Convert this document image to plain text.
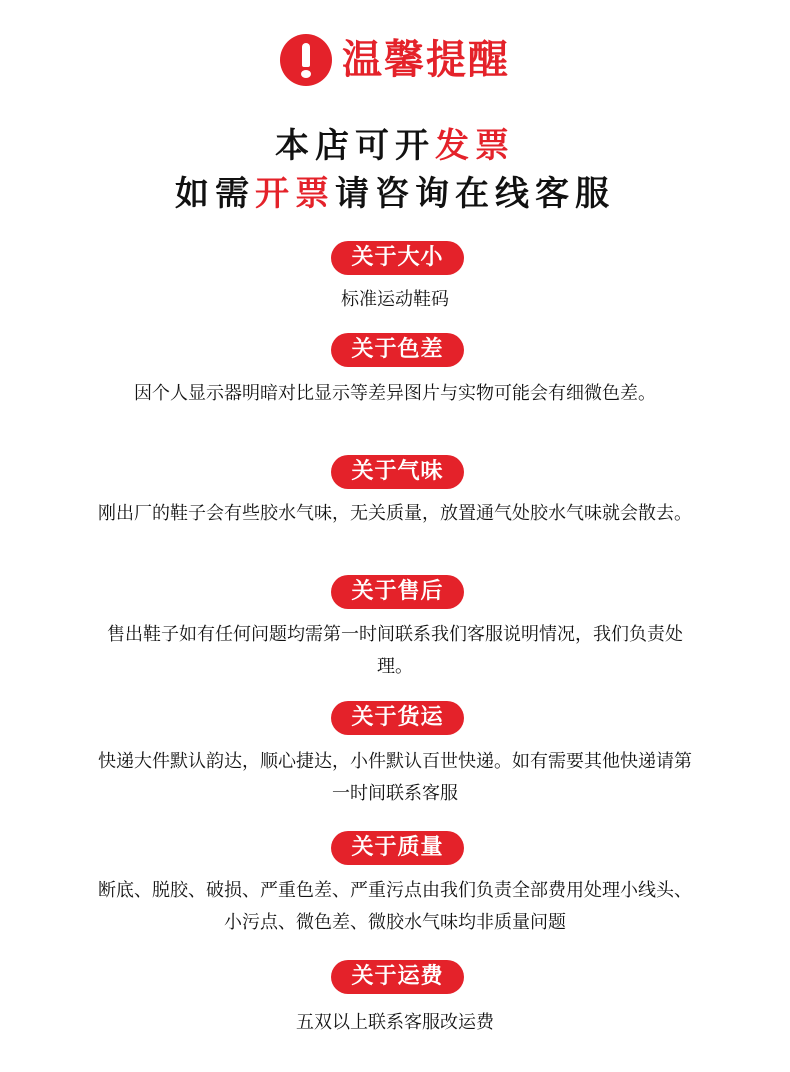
温馨提醒
本店可开发票
如需开票请咨询在线客服
关于大小
标准运动鞋码
关于色差
因个人显示器明暗对比显示等差异图片与实物可能会有细微色差。
关于气味
刚出厂的鞋子会有些胶水气味，无关质量，放置通气处胶水气味就会散去。
关于售后
售出鞋子如有任何问题均需第一时间联系我们客服说明情况，我们负责处理。
关于货运
快递大件默认韵达，顺心捷达，小件默认百世快递。如有需要其他快递请第一时间联系客服
关于质量
断底、脱胶、破损、严重色差、严重污点由我们负责全部费用处理小线头、小污点、微色差、微胶水气味均非质量问题
关于运费
五双以上联系客服改运费
